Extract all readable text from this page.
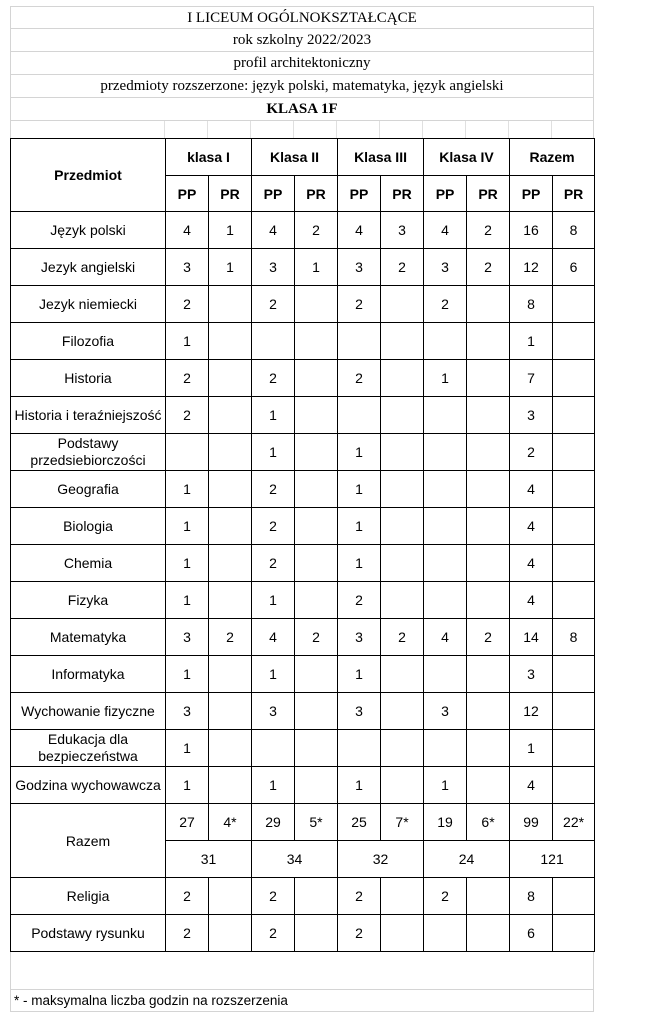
I LICEUM OGÓLNOKSZTAŁCĄCE
rok szkolny 2022/2023
profil architektoniczny
przedmioty rozszerzone: język polski, matematyka, język angielski
KLASA 1F
Przedmiot	klasa I		Klasa II		Klasa III		Klasa IV		Razem	
	PP	PR	PP	PR	PP	PR	PP	PR	PP	PR
Język polski	4	1	4	2	4	3	4	2	16	8
Jezyk angielski	3	1	3	1	3	2	3	2	12	6
Jezyk niemiecki	2		2		2		2		8	
Filozofia	1								1	
Historia	2		2		2		1		7	
Historia i teraźniejszość	2		1						3	
Podstawy przedsiebiorczości			1		1				2	
Geografia	1		2		1				4	
Biologia	1		2		1				4	
Chemia	1		2		1				4	
Fizyka	1		1		2				4	
Matematyka	3	2	4	2	3	2	4	2	14	8
Informatyka	1		1		1				3	
Wychowanie fizyczne	3		3		3		3		12	
Edukacja dla bezpieczeństwa	1								1	
Godzina wychowawcza	1		1		1		1		4	
Razem	27	4*	29	5*	25	7*	19	6*	99	22*
	31		34		32		24		121	
Religia	2		2		2		2		8	
Podstawy rysunku	2		2		2				6	
* - maksymalna liczba godzin na rozszerzenia
